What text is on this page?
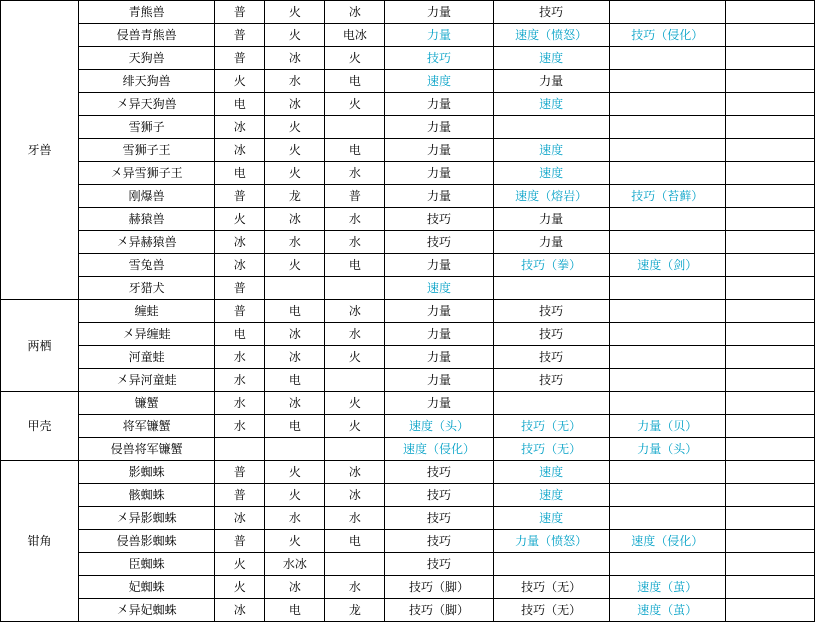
牙兽	青熊兽	普	火	冰	力量	技巧		
	侵兽青熊兽	普	火	电冰	力量	速度（愤怒）	技巧（侵化）	
	天狗兽	普	冰	火	技巧	速度		
	绯天狗兽	火	水	电	速度	力量		
	㐅异天狗兽	电	冰	火	力量	速度		
	雪狮子	冰	火		力量			
	雪狮子王	冰	火	电	力量	速度		
	㐅异雪狮子王	电	火	水	力量	速度		
	刚爆兽	普	龙	普	力量	速度（熔岩）	技巧（苔藓）	
	赫猿兽	火	冰	水	技巧	力量		
	㐅异赫猿兽	冰	水	水	技巧	力量		
	雪兔兽	冰	火	电	力量	技巧（拳）	速度（剑）	
	牙猎犬	普			速度			
两栖	缠蛙	普	电	冰	力量	技巧		
	㐅异缠蛙	电	冰	水	力量	技巧		
	河童蛙	水	冰	火	力量	技巧		
	㐅异河童蛙	水	电		力量	技巧		
甲壳	镰蟹	水	冰	火	力量			
	将军镰蟹	水	电	火	速度（头）	技巧（无）	力量（贝）	
	侵兽将军镰蟹				速度（侵化）	技巧（无）	力量（头）	
钳角	影蜘蛛	普	火	冰	技巧	速度		
	骸蜘蛛	普	火	冰	技巧	速度		
	㐅异影蜘蛛	冰	水	水	技巧	速度		
	侵兽影蜘蛛	普	火	电	技巧	力量（愤怒）	速度（侵化）	
	臣蜘蛛	火	水冰		技巧			
	妃蜘蛛	火	冰	水	技巧（脚）	技巧（无）	速度（茧）	
	㐅异妃蜘蛛	冰	电	龙	技巧（脚）	技巧（无）	速度（茧）	
